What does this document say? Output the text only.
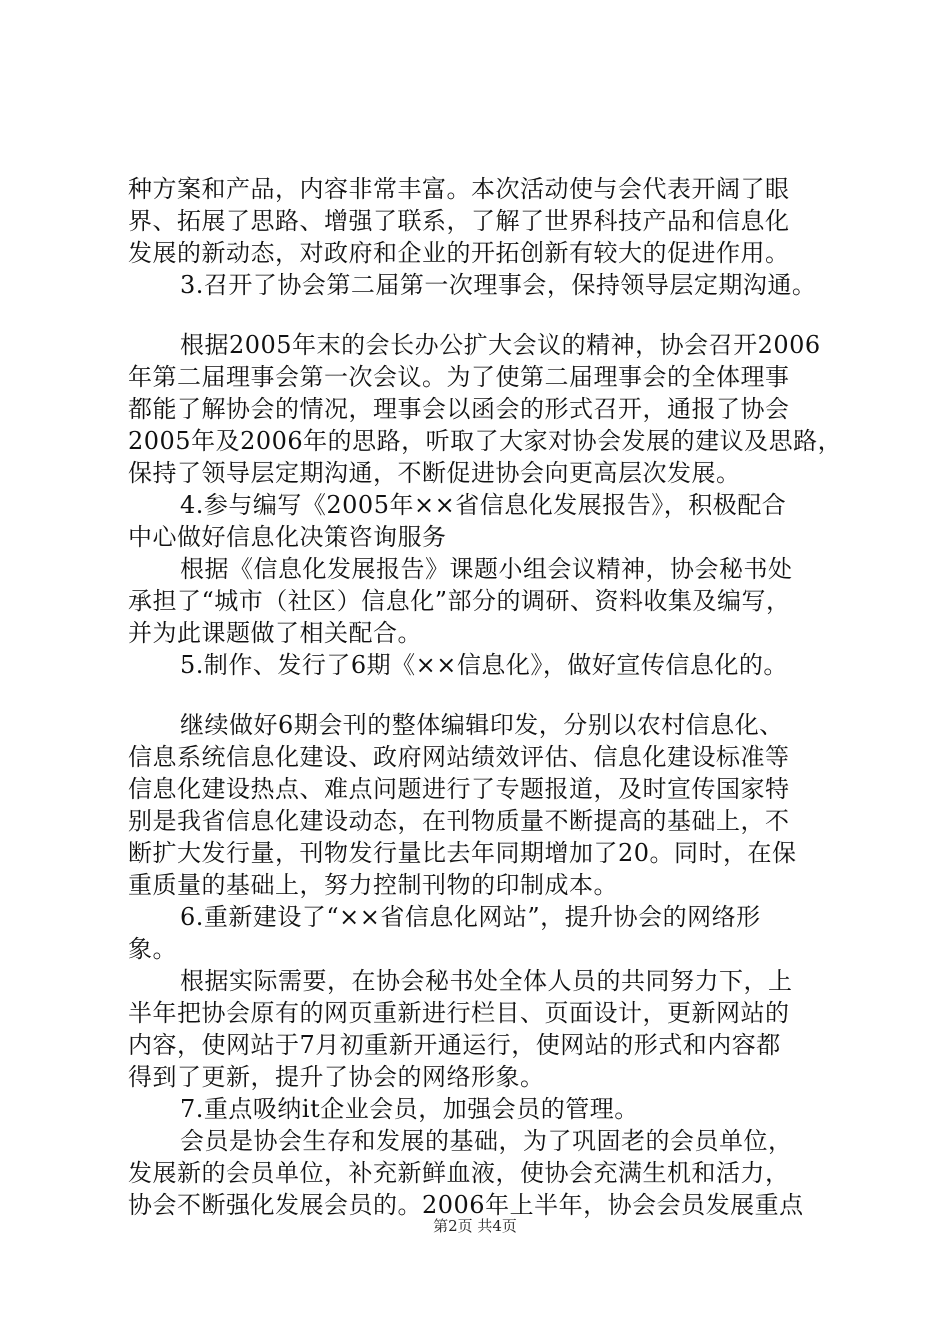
种方案和产品，内容非常丰富。本次活动使与会代表开阔了眼
界、拓展了思路、增强了联系，了解了世界科技产品和信息化
发展的新动态，对政府和企业的开拓创新有较大的促进作用。
3.召开了协会第二届第一次理事会，保持领导层定期沟通。
根据2005年末的会长办公扩大会议的精神，协会召开2006
年第二届理事会第一次会议。为了使第二届理事会的全体理事
都能了解协会的情况，理事会以函会的形式召开，通报了协会
2005年及2006年的思路，听取了大家对协会发展的建议及思路，
保持了领导层定期沟通，不断促进协会向更高层次发展。
4.参与编写《2005年××省信息化发展报告》，积极配合
中心做好信息化决策咨询服务
根据《信息化发展报告》课题小组会议精神，协会秘书处
承担了“城市（社区）信息化”部分的调研、资料收集及编写，
并为此课题做了相关配合。
5.制作、发行了6期《××信息化》，做好宣传信息化的。
继续做好6期会刊的整体编辑印发，分别以农村信息化、
信息系统信息化建设、政府网站绩效评估、信息化建设标准等
信息化建设热点、难点问题进行了专题报道，及时宣传国家特
别是我省信息化建设动态，在刊物质量不断提高的基础上，不
断扩大发行量，刊物发行量比去年同期增加了20。同时，在保
重质量的基础上，努力控制刊物的印制成本。
6.重新建设了“××省信息化网站”，提升协会的网络形
象。
根据实际需要，在协会秘书处全体人员的共同努力下，上
半年把协会原有的网页重新进行栏目、页面设计，更新网站的
内容，使网站于7月初重新开通运行，使网站的形式和内容都
得到了更新，提升了协会的网络形象。
7.重点吸纳it企业会员，加强会员的管理。
会员是协会生存和发展的基础，为了巩固老的会员单位，
发展新的会员单位，补充新鲜血液，使协会充满生机和活力，
协会不断强化发展会员的。2006年上半年，协会会员发展重点
第2页 共4页
